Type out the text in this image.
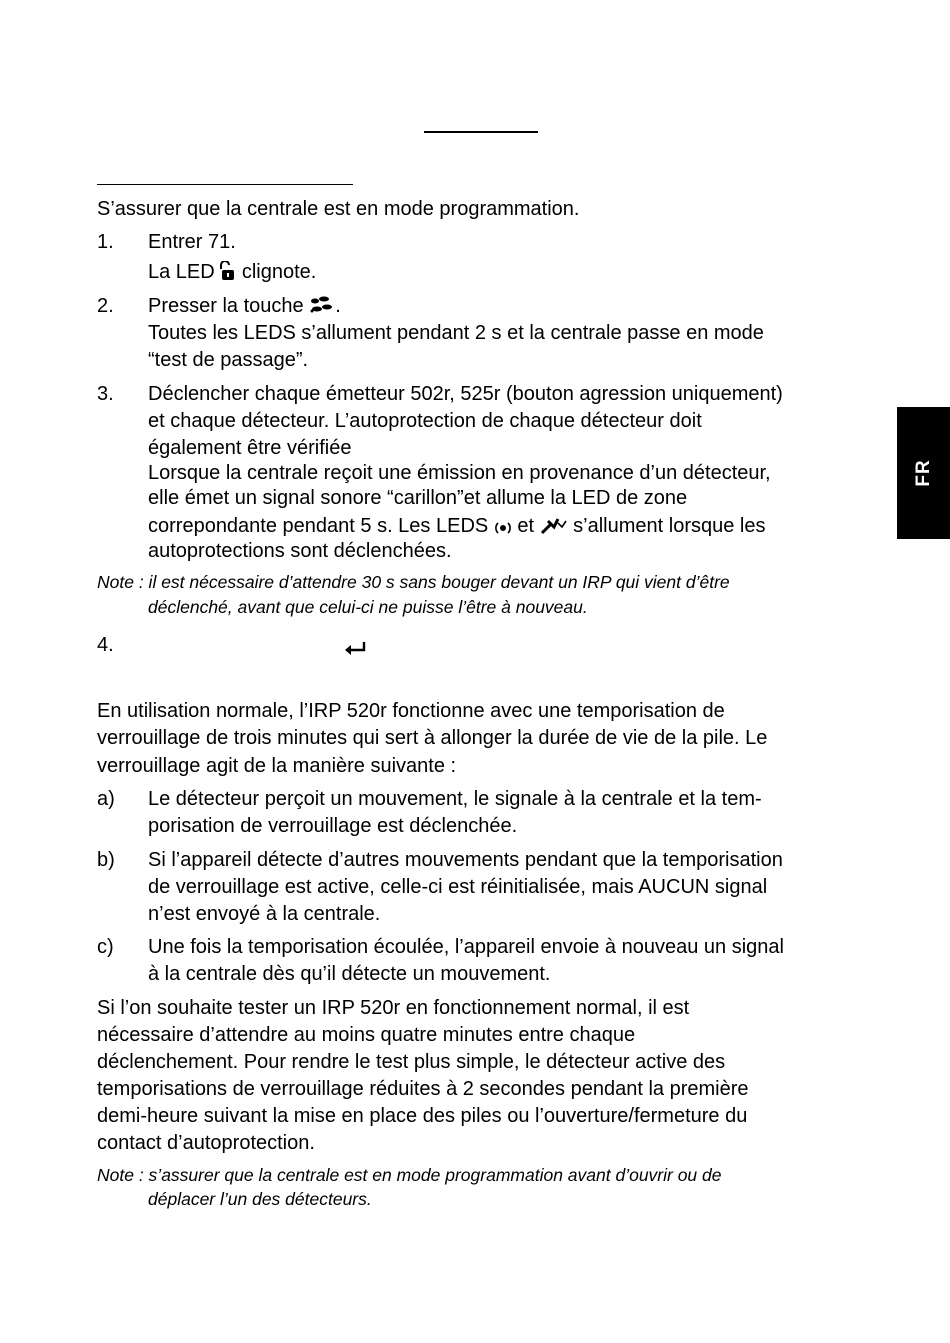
FR
S’assurer que la centrale est en mode programmation.
1. Entrer 71.
La LED  clignote.
2. Presser la touche .
Toutes les LEDS s’allument pendant 2 s et la centrale passe en mode
“test de passage”.
3. Déclencher chaque émetteur 502r, 525r (bouton agression uniquement)
et chaque détecteur. L’autoprotection de chaque détecteur doit
également être vérifiée
Lorsque la centrale reçoit une émission en provenance d’un détecteur,
elle émet un signal sonore “carillon”et allume la LED de zone
correpondante pendant 5 s. Les LEDS  et  s’allument lorsque les
autoprotections sont déclenchées.
Note : il est nécessaire d’attendre 30 s sans bouger devant un IRP qui vient d’être
déclenché, avant que celui-ci ne puisse l’être à nouveau.
4.
En utilisation normale, l’IRP 520r fonctionne avec une temporisation de
verrouillage de trois minutes qui sert à allonger la durée de vie de la pile. Le
verrouillage agit de la manière suivante :
a) Le détecteur perçoit un mouvement, le signale à la centrale et la tem-
porisation de verrouillage est déclenchée.
b) Si l’appareil détecte d’autres mouvements pendant que la temporisation
de verrouillage est active, celle-ci est réinitialisée, mais AUCUN signal
n’est envoyé à la centrale.
c) Une fois la temporisation écoulée, l’appareil envoie à nouveau un signal
à la centrale dès qu’il détecte un mouvement.
Si l’on souhaite tester un IRP 520r en fonctionnement normal, il est
nécessaire d’attendre au moins quatre minutes entre chaque
déclenchement. Pour rendre le test plus simple, le détecteur active des
temporisations de verrouillage réduites à 2 secondes pendant la première
demi-heure suivant la mise en place des piles ou l’ouverture/fermeture du
contact d’autoprotection.
Note : s’assurer que la centrale est en mode programmation avant d’ouvrir ou de
déplacer l’un des détecteurs.
